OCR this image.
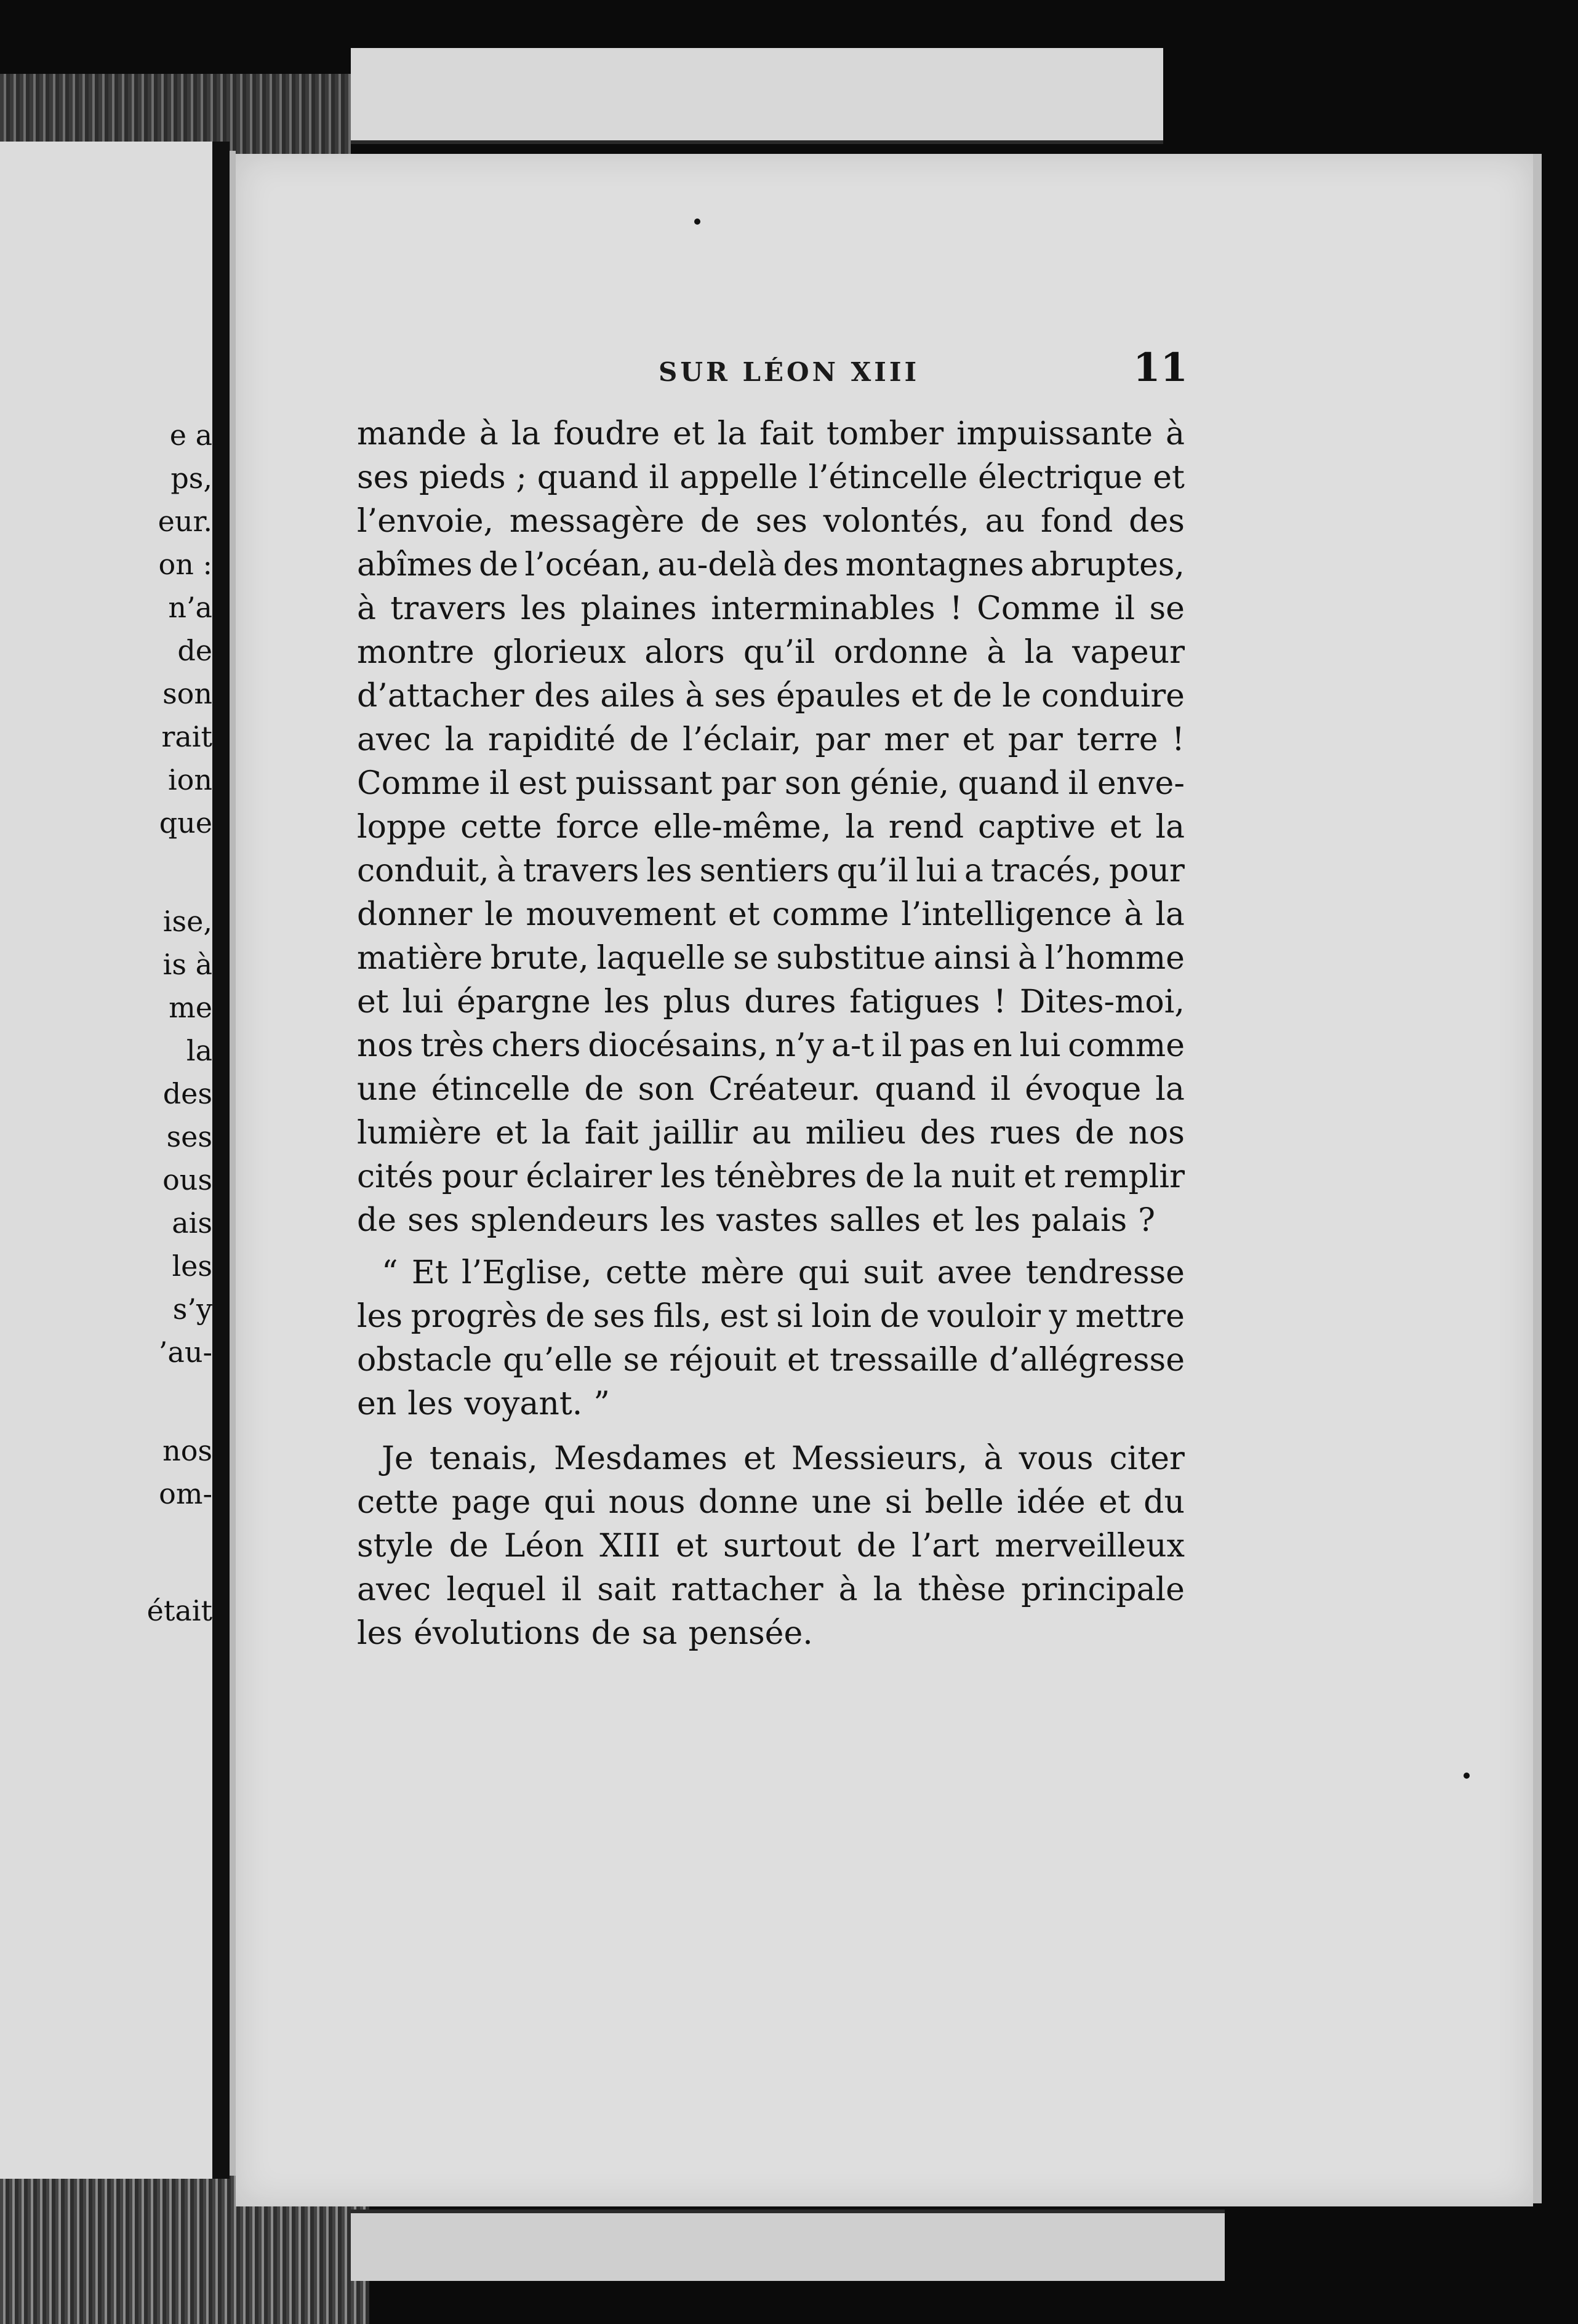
e a
ps,
eur.
on :
n’a
de
son
rait
ion
que
ise,
is à
me
la
des
ses
ous
ais
les
s’y
’au-
nos
om-
était
SUR LÉON XIII	11
mande à la foudre et la fait tomber impuissante à
ses pieds ; quand il appelle l’étincelle électrique et
l’envoie, messagère de ses volontés, au fond des
abîmes de l’océan, au-delà des montagnes abruptes,
à travers les plaines interminables ! Comme il se
montre glorieux alors qu’il ordonne à la vapeur
d’attacher des ailes à ses épaules et de le conduire
avec la rapidité de l’éclair, par mer et par terre !
Comme il est puissant par son génie, quand il enve-
loppe cette force elle-même, la rend captive et la
conduit, à travers les sentiers qu’il lui a tracés, pour
donner le mouvement et comme l’intelligence à la
matière brute, laquelle se substitue ainsi à l’homme
et lui épargne les plus dures fatigues ! Dites-moi,
nos très chers diocésains, n’y a-t il pas en lui comme
une étincelle de son Créateur. quand il évoque la
lumière et la fait jaillir au milieu des rues de nos
cités pour éclairer les ténèbres de la nuit et remplir
de ses splendeurs les vastes salles et les palais ?
“ Et l’Eglise, cette mère qui suit avee tendresse
les progrès de ses fils, est si loin de vouloir y mettre
obstacle qu’elle se réjouit et tressaille d’allégresse
en les voyant. ”
Je tenais, Mesdames et Messieurs, à vous citer
cette page qui nous donne une si belle idée et du
style de Léon XIII et surtout de l’art merveilleux
avec lequel il sait rattacher à la thèse principale
les évolutions de sa pensée.
